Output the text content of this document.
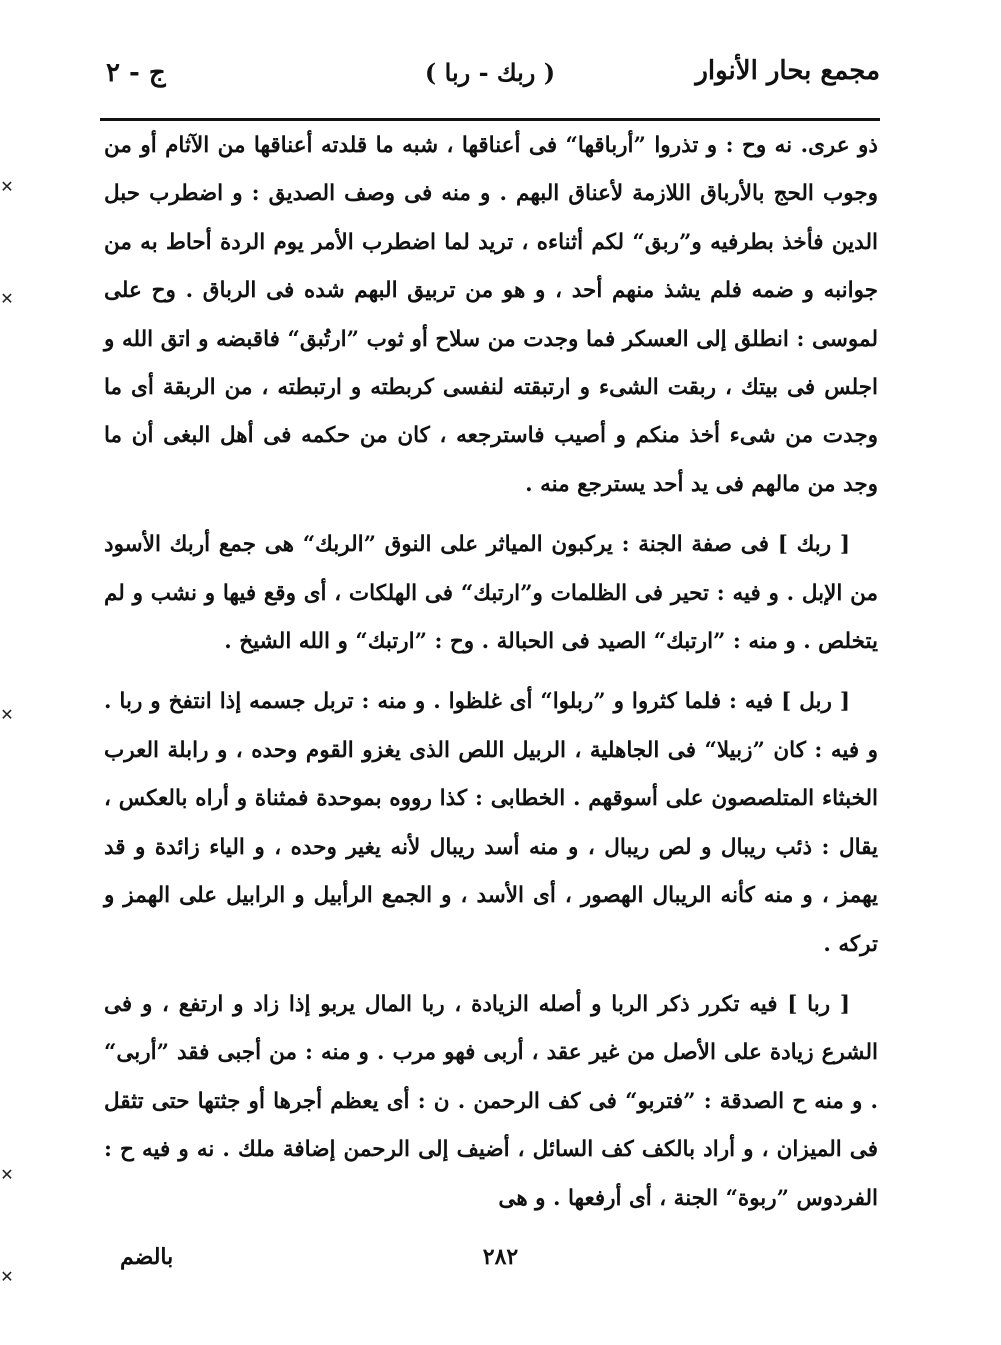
مجمع بحار الأنوار
( ربك - ربا )
ج - ٢

ذو عرى. نه وح : و تذروا ”أرباقها“ فى أعناقها ، شبه ما قلدته أعناقها من الآثام أو من وجوب الحج بالأرباق اللازمة لأعناق البهم . و منه فى وصف الصديق : و اضطرب حبل الدين فأخذ بطرفيه و”ربق“ لكم أثناءه ، تريد لما اضطرب الأمر يوم الردة أحاط به من جوانبه و ضمه فلم يشذ منهم أحد ، و هو من تربيق البهم شده فى الرباق . وح على لموسى : انطلق إلى العسكر فما وجدت من سلاح أو ثوب ”ارتُبق“ فاقبضه و اتق الله و اجلس فى بيتك ، ربقت الشىء و ارتبقته لنفسى كربطته و ارتبطته ، من الربقة أى ما وجدت من شىء أخذ منكم و أصيب فاسترجعه ، كان من حكمه فى أهل البغى أن ما وجد من مالهم فى يد أحد يسترجع منه .

[ ربك ] فى صفة الجنة : يركبون المياثر على النوق ”الربك“ هى جمع أربك الأسود من الإبل . و فيه : تحير فى الظلمات و”ارتبك“ فى الهلكات ، أى وقع فيها و نشب و لم يتخلص . و منه : ”ارتبك“ الصيد فى الحبالة . وح : ”ارتبك“ و الله الشيخ .

[ ربل ] فيه : فلما كثروا و ”ربلوا“ أى غلظوا . و منه : تربل جسمه إذا انتفخ و ربا . و فيه : كان ”زبيلا“ فى الجاهلية ، الربيل اللص الذى يغزو القوم وحده ، و رابلة العرب الخبثاء المتلصصون على أسوقهم . الخطابى : كذا رووه بموحدة فمثناة و أراه بالعكس ، يقال : ذئب ريبال و لص ريبال ، و منه أسد ريبال لأنه يغير وحده ، و الياء زائدة و قد يهمز ، و منه كأنه الريبال الهصور ، أى الأسد ، و الجمع الرأبيل و الرابيل على الهمز و تركه .

[ ربا ] فيه تكرر ذكر الربا و أصله الزيادة ، ربا المال يربو إذا زاد و ارتفع ، و فى الشرع زيادة على الأصل من غير عقد ، أربى فهو مرب . و منه : من أجبى فقد ”أربى“ . و منه ح الصدقة : ”فتربو“ فى كف الرحمن . ن : أى يعظم أجرها أو جثتها حتى تثقل فى الميزان ، و أراد بالكف كف السائل ، أضيف إلى الرحمن إضافة ملك . نه و فيه ح : الفردوس ”ربوة“ الجنة ، أى أرفعها . و هى

بالضم	٢٨٢
✕
✕
✕
✕
✕
